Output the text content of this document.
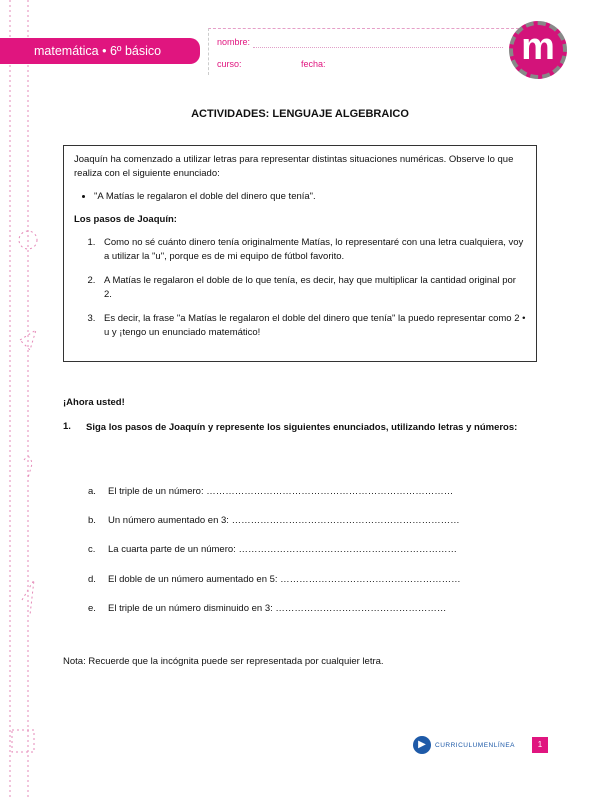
matemática • 6º básico
nombre:
curso:	fecha:	m
ACTIVIDADES: LENGUAJE ALGEBRAICO

Joaquín ha comenzado a utilizar letras para representar distintas situaciones numéricas. Observe lo que realiza con el siguiente enunciado:

• "A Matías le regalaron el doble del dinero que tenía".

Los pasos de Joaquín:

1. Como no sé cuánto dinero tenía originalmente Matías, lo representaré con una letra cualquiera, voy a utilizar la "u", porque es de mi equipo de fútbol favorito.
2. A Matías le regalaron el doble de lo que tenía, es decir, hay que multiplicar la cantidad original por 2.
3. Es decir, la frase "a Matías le regalaron el doble del dinero que tenía" la puedo representar como 2 • u y ¡tengo un enunciado matemático!
¡Ahora usted!
1. Siga los pasos de Joaquín y represente los siguientes enunciados, utilizando letras y números:
a. El triple de un número: ……………………………………………………………………
b. Un número aumentado en 3: ………………………………………………………………
c. La cuarta parte de un número: ……………………………………………………………
d. El doble de un número aumentado en 5: …………………………………………………
e. El triple de un número disminuido en 3: ………………………………………………
Nota: Recuerde que la incógnita puede ser representada por cualquier letra.
▶	CURRICULUMENLÍNEA	1
